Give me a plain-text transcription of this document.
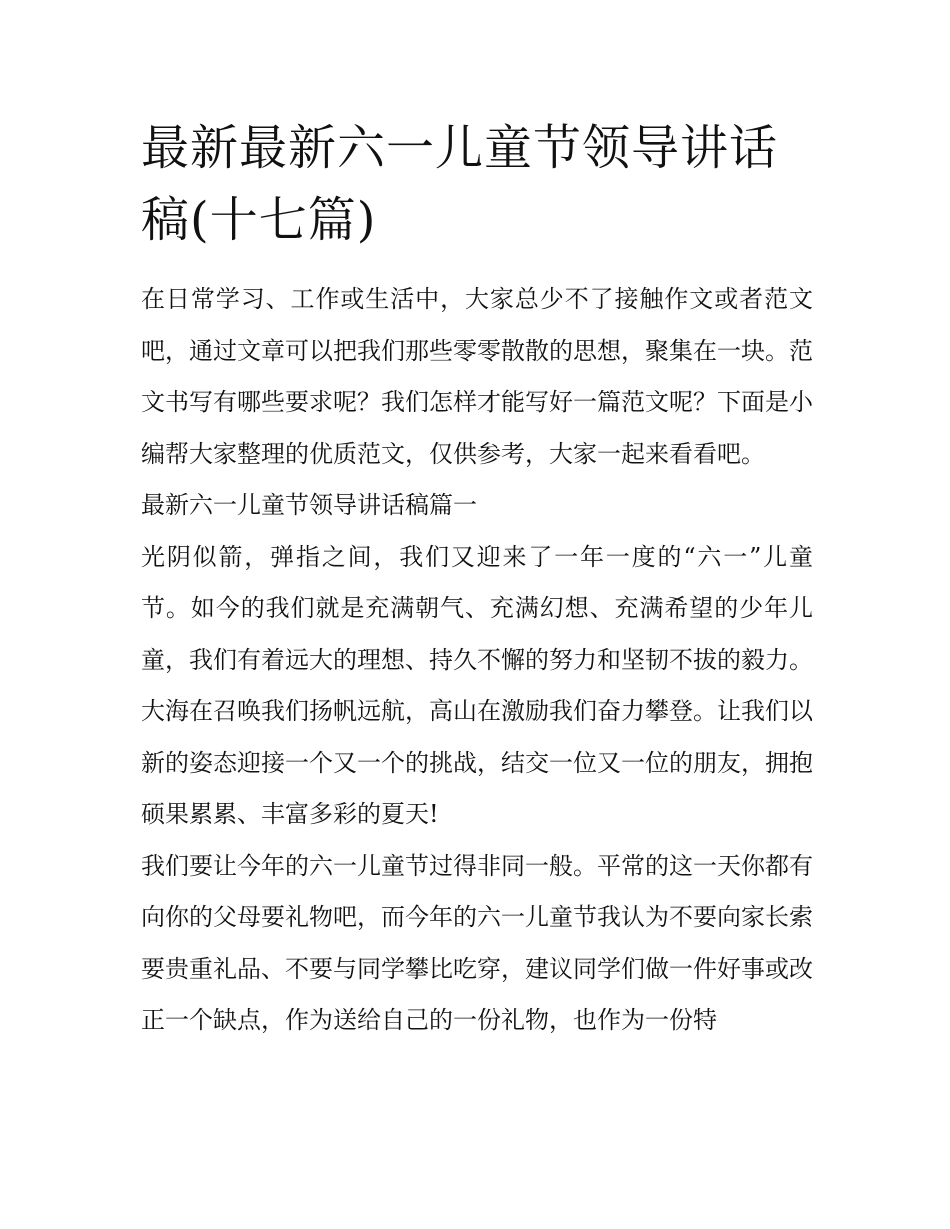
最新最新六一儿童节领导讲话稿(十七篇)

在日常学习、工作或生活中，大家总少不了接触作文或者范文吧，通过文章可以把我们那些零零散散的思想，聚集在一块。范文书写有哪些要求呢？我们怎样才能写好一篇范文呢？下面是小编帮大家整理的优质范文，仅供参考，大家一起来看看吧。

最新六一儿童节领导讲话稿篇一

光阴似箭，弹指之间，我们又迎来了一年一度的“六一”儿童节。如今的我们就是充满朝气、充满幻想、充满希望的少年儿童，我们有着远大的理想、持久不懈的努力和坚韧不拔的毅力。大海在召唤我们扬帆远航，高山在激励我们奋力攀登。让我们以新的姿态迎接一个又一个的挑战，结交一位又一位的朋友，拥抱硕果累累、丰富多彩的夏天!

我们要让今年的六一儿童节过得非同一般。平常的这一天你都有向你的父母要礼物吧，而今年的六一儿童节我认为不要向家长索要贵重礼品、不要与同学攀比吃穿，建议同学们做一件好事或改正一个缺点，作为送给自己的一份礼物，也作为一份特
